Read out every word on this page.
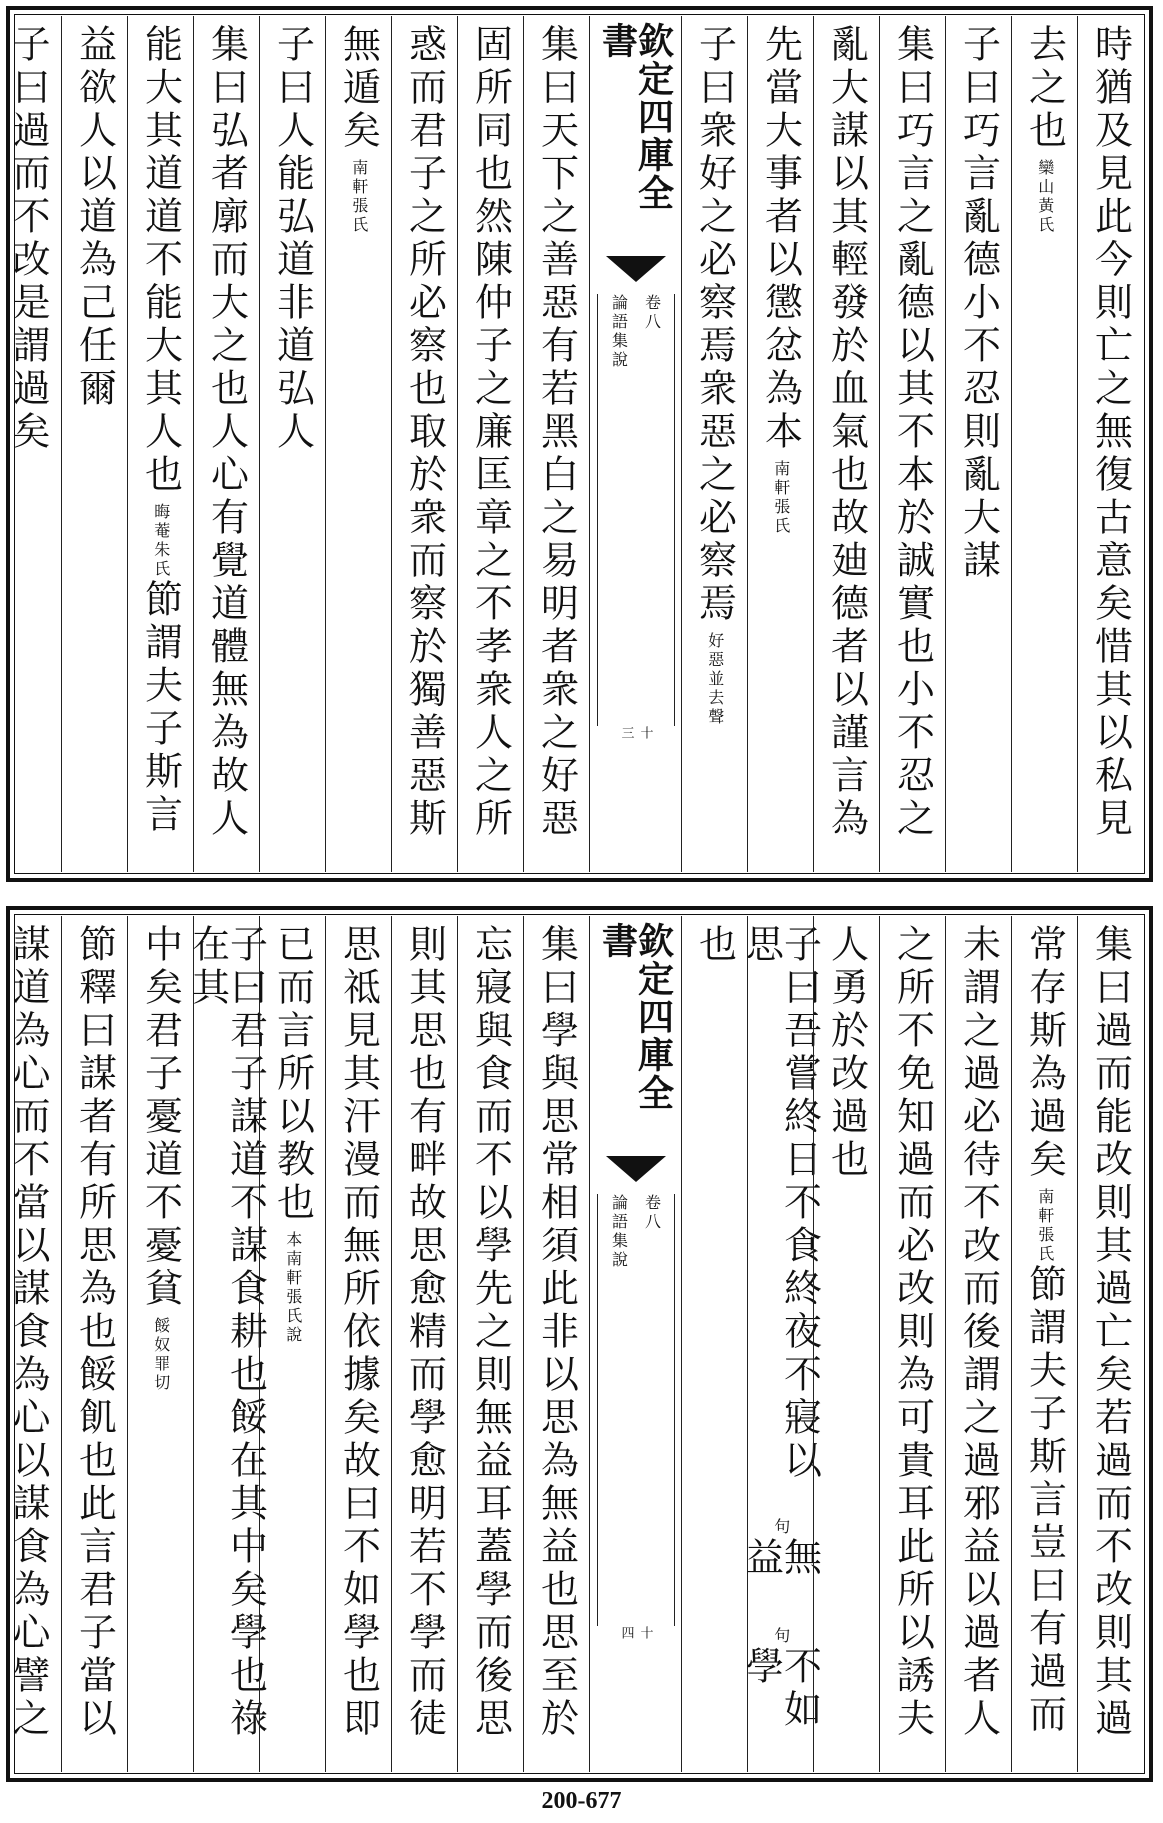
時猶及見此今則亡之無復古意矣惜其以私見
去之也
欒山黃氏
子曰巧言亂德小不忍則亂大謀
集曰巧言之亂德以其不本於誠實也小不忍之
亂大謀以其輕發於血氣也故廸德者以謹言為
先當大事者以懲忿為本
南軒張氏
子曰衆好之必察焉衆惡之必察焉
好惡並去聲
欽定四庫全書
論語集說 卷八
十三
集曰天下之善惡有若黑白之易明者衆之好惡
固所同也然陳仲子之廉匡章之不孝衆人之所
惑而君子之所必察也取於衆而察於獨善惡斯
無遁矣
南軒張氏
子曰人能弘道非道弘人
集曰弘者廓而大之也人心有覺道體無為故人
能大其道道不能大其人也
晦菴朱氏
節謂夫子斯言
益欲人以道為己任爾
子曰過而不改是謂過矣
集曰過而能改則其過亡矣若過而不改則其過
常存斯為過矣
南軒張氏
節謂夫子斯言豈曰有過而
未謂之過必待不改而後謂之過邪益以過者人
之所不免知過而必改則為可貴耳此所以誘夫
人勇於改過也
子曰吾嘗終日不食終夜不寢以思
句
無益
句
不如學
也
欽定四庫全書
論語集說 卷八
十四
集曰學與思常相須此非以思為無益也思至於
忘寢與食而不以學先之則無益耳蓋學而後思
則其思也有畔故思愈精而學愈明若不學而徒
思祗見其汗漫而無所依據矣故曰不如學也即
已而言所以教也
本南軒張氏說
子曰君子謀道不謀食耕也餒在其中矣學也祿在其
中矣君子憂道不憂貧
餒奴罪切
節釋曰謀者有所思為也餒飢也此言君子當以
謀道為心而不當以謀食為心以謀食為心譬之
200-677
